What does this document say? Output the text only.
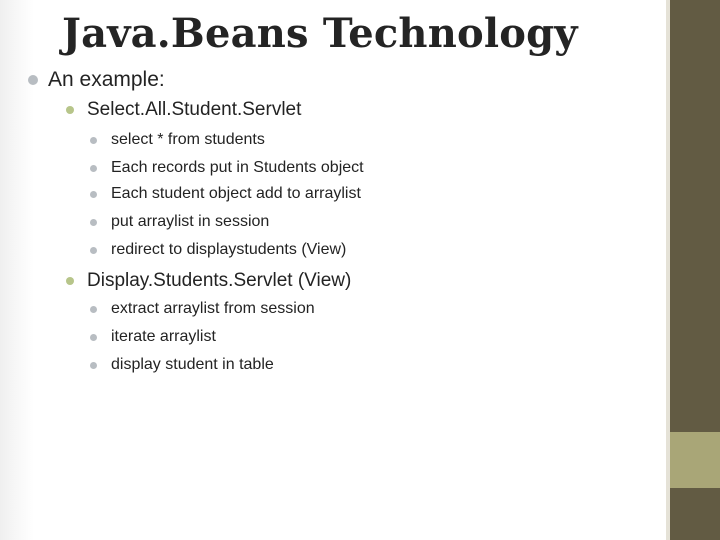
Java.Beans Technology
An example:
Select.All.Student.Servlet
select * from students
Each records put in Students object
Each student object add to arraylist
put arraylist in session
redirect to displaystudents (View)
Display.Students.Servlet (View)
extract arraylist from session
iterate arraylist
display student in table
